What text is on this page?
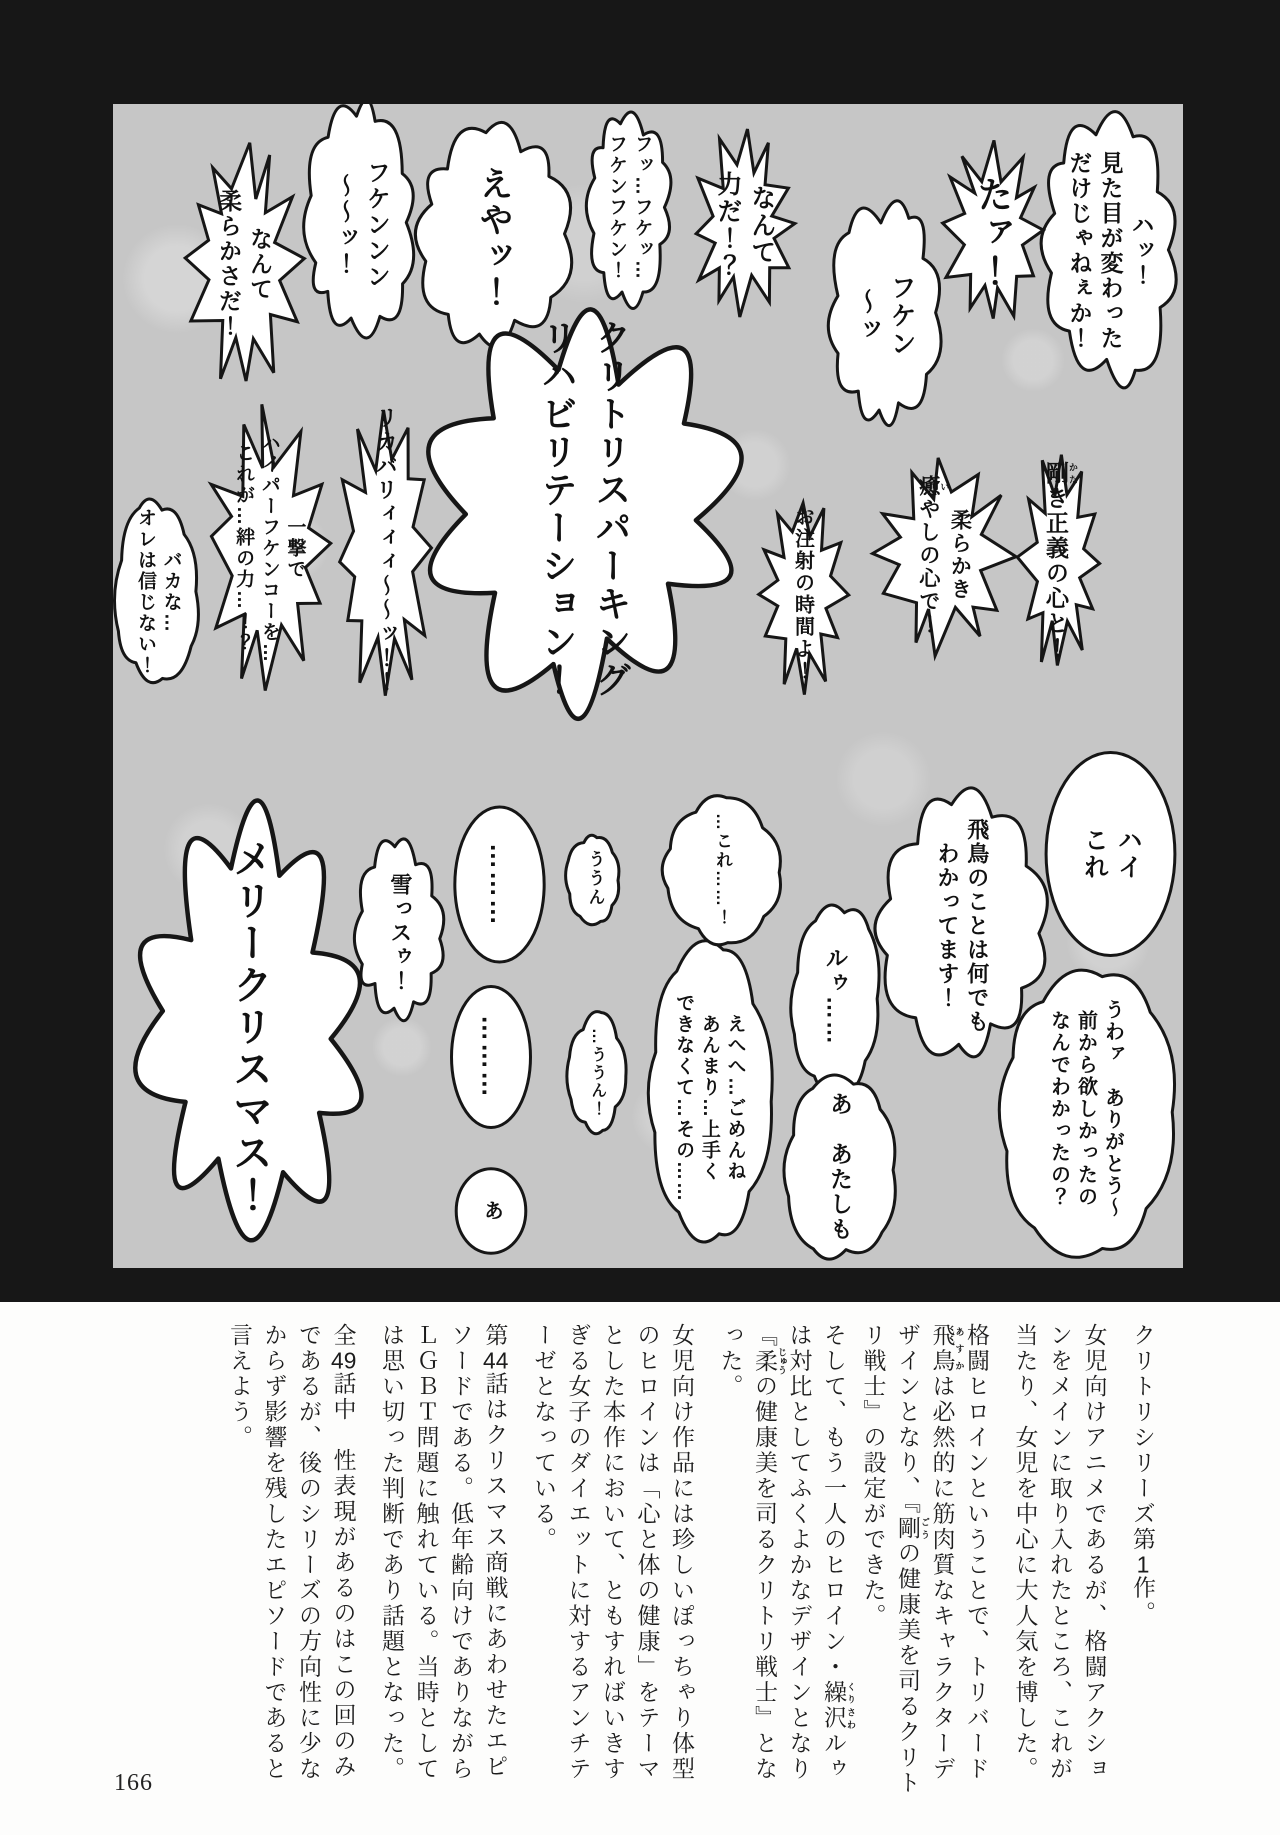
ハッ！
見た目が変わった
だけじゃねぇか！
たァ！
フケン
～ッ
なんて
力だ！？
フッ…フケッ…
フケンフケン！
えやッ！
フケンンン
～～ッ！
なんて
柔らかさだ！
リカバリィィィ～～ッ！！
一撃で
ハイパーフケンコーを…
これが…絆の力…！？
バカな…
オレは信じない！	お注射の時間よ！	柔らかき
癒 いやしの心で！
剛 かたき正義の心と！
うわァ　ありがとう～
前から欲しかったの
なんでわかったの？
えへへ…ごめんね
あんまり…上手く
できなくて…その……	ルゥ……
あ　あたしも
…これ……！
………	ううん
………	…ううん！
飛鳥のことは何でも
わかってます！	ハイ
これ
雪っスゥ！
あ
クリトリスパーキング
リハビリテーション！
メリークリスマス！

クリトリシリーズ第1作。

女児向けアニメであるが、格闘アクションをメインに取り入れたところ、これが当たり、女児を中心に大人気を博した。

格闘ヒロインということで、トリバード飛鳥 あすかは必然的に筋肉質なキャラクターデザインとなり、『剛 ごうの健康美を司るクリトリ戦士』の設定ができた。

そして、もう一人のヒロイン・繰沢 くりさわルゥは対比としてふくよかなデザインとなり『柔 じゅうの健康美を司るクリトリ戦士』となった。

女児向け作品には珍しいぽっちゃり体型のヒロインは「心と体の健康」をテーマとした本作において、ともすればいきすぎる女子のダイエットに対するアンチテーゼとなっている。

第44話はクリスマス商戦にあわせたエピソードである。低年齢向けでありながらＬＧＢＴ問題に触れている。当時としては思い切った判断であり話題となった。

全49話中　性表現があるのはこの回のみであるが、後のシリーズの方向性に少なからず影響を残したエピソードであると言えよう。

166
